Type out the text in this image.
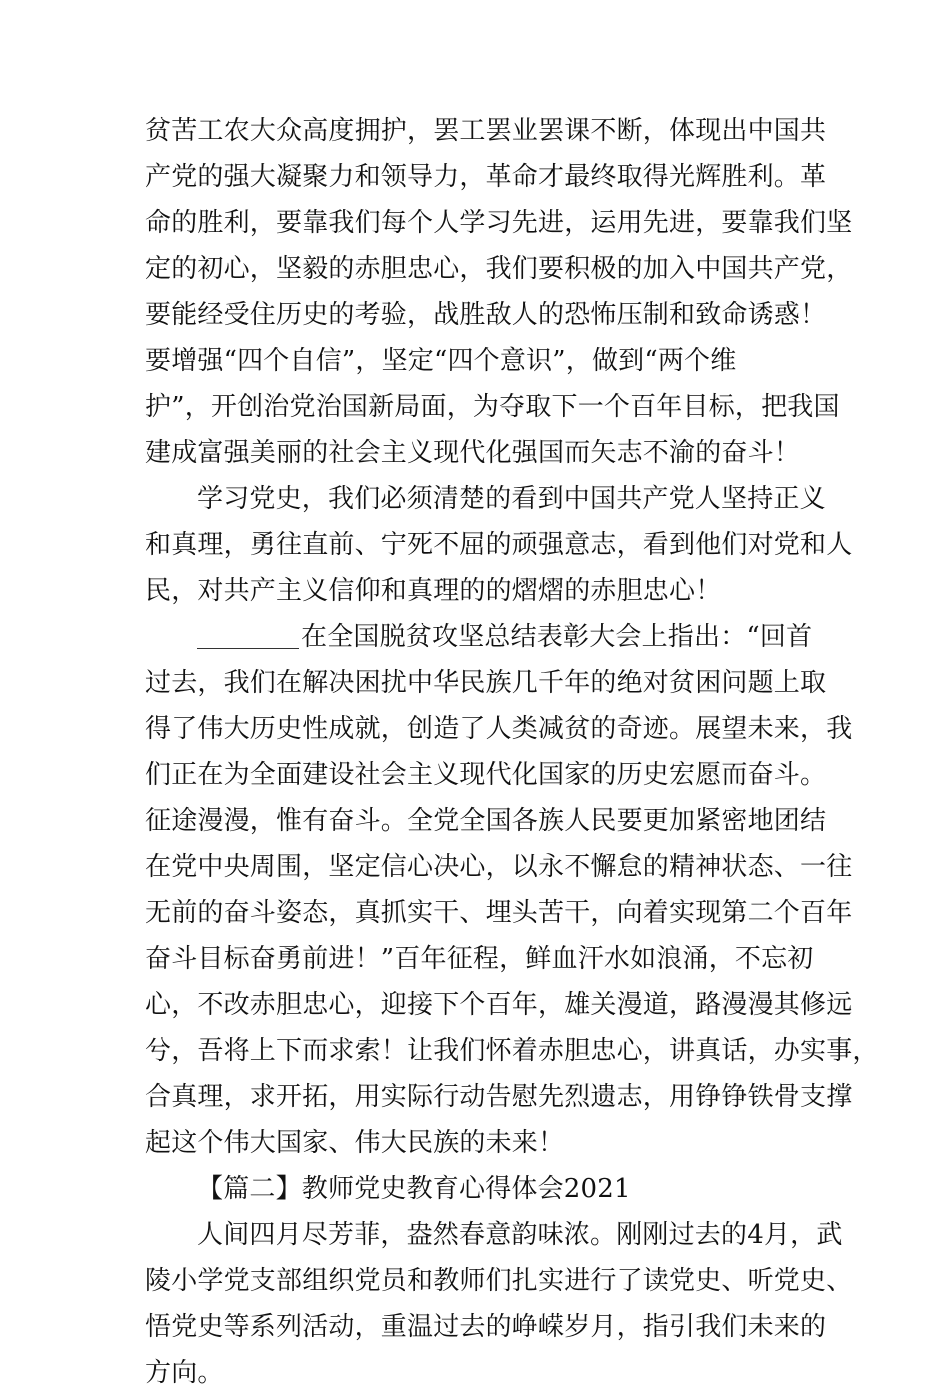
贫苦工农大众高度拥护，罢工罢业罢课不断，体现出中国共
产党的强大凝聚力和领导力，革命才最终取得光辉胜利。革
命的胜利，要靠我们每个人学习先进，运用先进，要靠我们坚
定的初心，坚毅的赤胆忠心，我们要积极的加入中国共产党，
要能经受住历史的考验，战胜敌人的恐怖压制和致命诱惑！
要增强“四个自信”，坚定“四个意识”，做到“两个维
护”，开创治党治国新局面，为夺取下一个百年目标，把我国
建成富强美丽的社会主义现代化强国而矢志不渝的奋斗！
学习党史，我们必须清楚的看到中国共产党人坚持正义
和真理，勇往直前、宁死不屈的顽强意志，看到他们对党和人
民，对共产主义信仰和真理的的熠熠的赤胆忠心！
在全国脱贫攻坚总结表彰大会上指出：“回首
过去，我们在解决困扰中华民族几千年的绝对贫困问题上取
得了伟大历史性成就，创造了人类减贫的奇迹。展望未来，我
们正在为全面建设社会主义现代化国家的历史宏愿而奋斗。
征途漫漫，惟有奋斗。全党全国各族人民要更加紧密地团结
在党中央周围，坚定信心决心，以永不懈怠的精神状态、一往
无前的奋斗姿态，真抓实干、埋头苦干，向着实现第二个百年
奋斗目标奋勇前进！”百年征程，鲜血汗水如浪涌，不忘初
心，不改赤胆忠心，迎接下个百年，雄关漫道，路漫漫其修远
兮，吾将上下而求索！让我们怀着赤胆忠心，讲真话，办实事，
合真理，求开拓，用实际行动告慰先烈遗志，用铮铮铁骨支撑
起这个伟大国家、伟大民族的未来！
【篇二】教师党史教育心得体会2021
人间四月尽芳菲，盎然春意韵味浓。刚刚过去的4月，武
陵小学党支部组织党员和教师们扎实进行了读党史、听党史、
悟党史等系列活动，重温过去的峥嵘岁月，指引我们未来的
方向。
